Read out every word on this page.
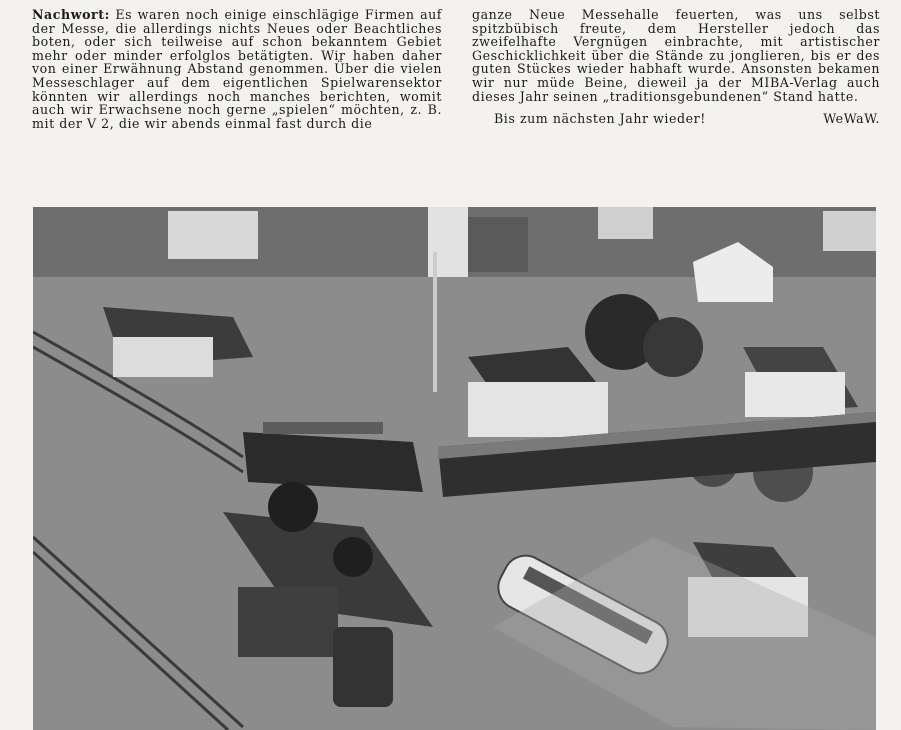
Nachwort: Es waren noch einige einschlägige Firmen auf der Messe, die allerdings nichts Neues oder Beachtliches boten, oder sich teilweise auf schon bekanntem Gebiet mehr oder minder erfolglos betätigten. Wir haben daher von einer Erwähnung Abstand genommen. Über die vielen Messeschlager auf dem eigentlichen Spielwarensektor könnten wir allerdings noch manches berichten, womit auch wir Erwachsene noch gerne „spielen“ möchten, z. B. mit der V 2, die wir abends einmal fast durch die
ganze Neue Messehalle feuerten, was uns selbst spitzbübisch freute, dem Hersteller jedoch das zweifelhafte Vergnügen einbrachte, mit artistischer Geschicklichkeit über die Stände zu jonglieren, bis er des guten Stückes wieder habhaft wurde. Ansonsten bekamen wir nur müde Beine, dieweil ja der MIBA-Verlag auch dieses Jahr seinen „traditionsgebundenen“ Stand hatte.
Bis zum nächsten Jahr wieder!	WeWaW.
